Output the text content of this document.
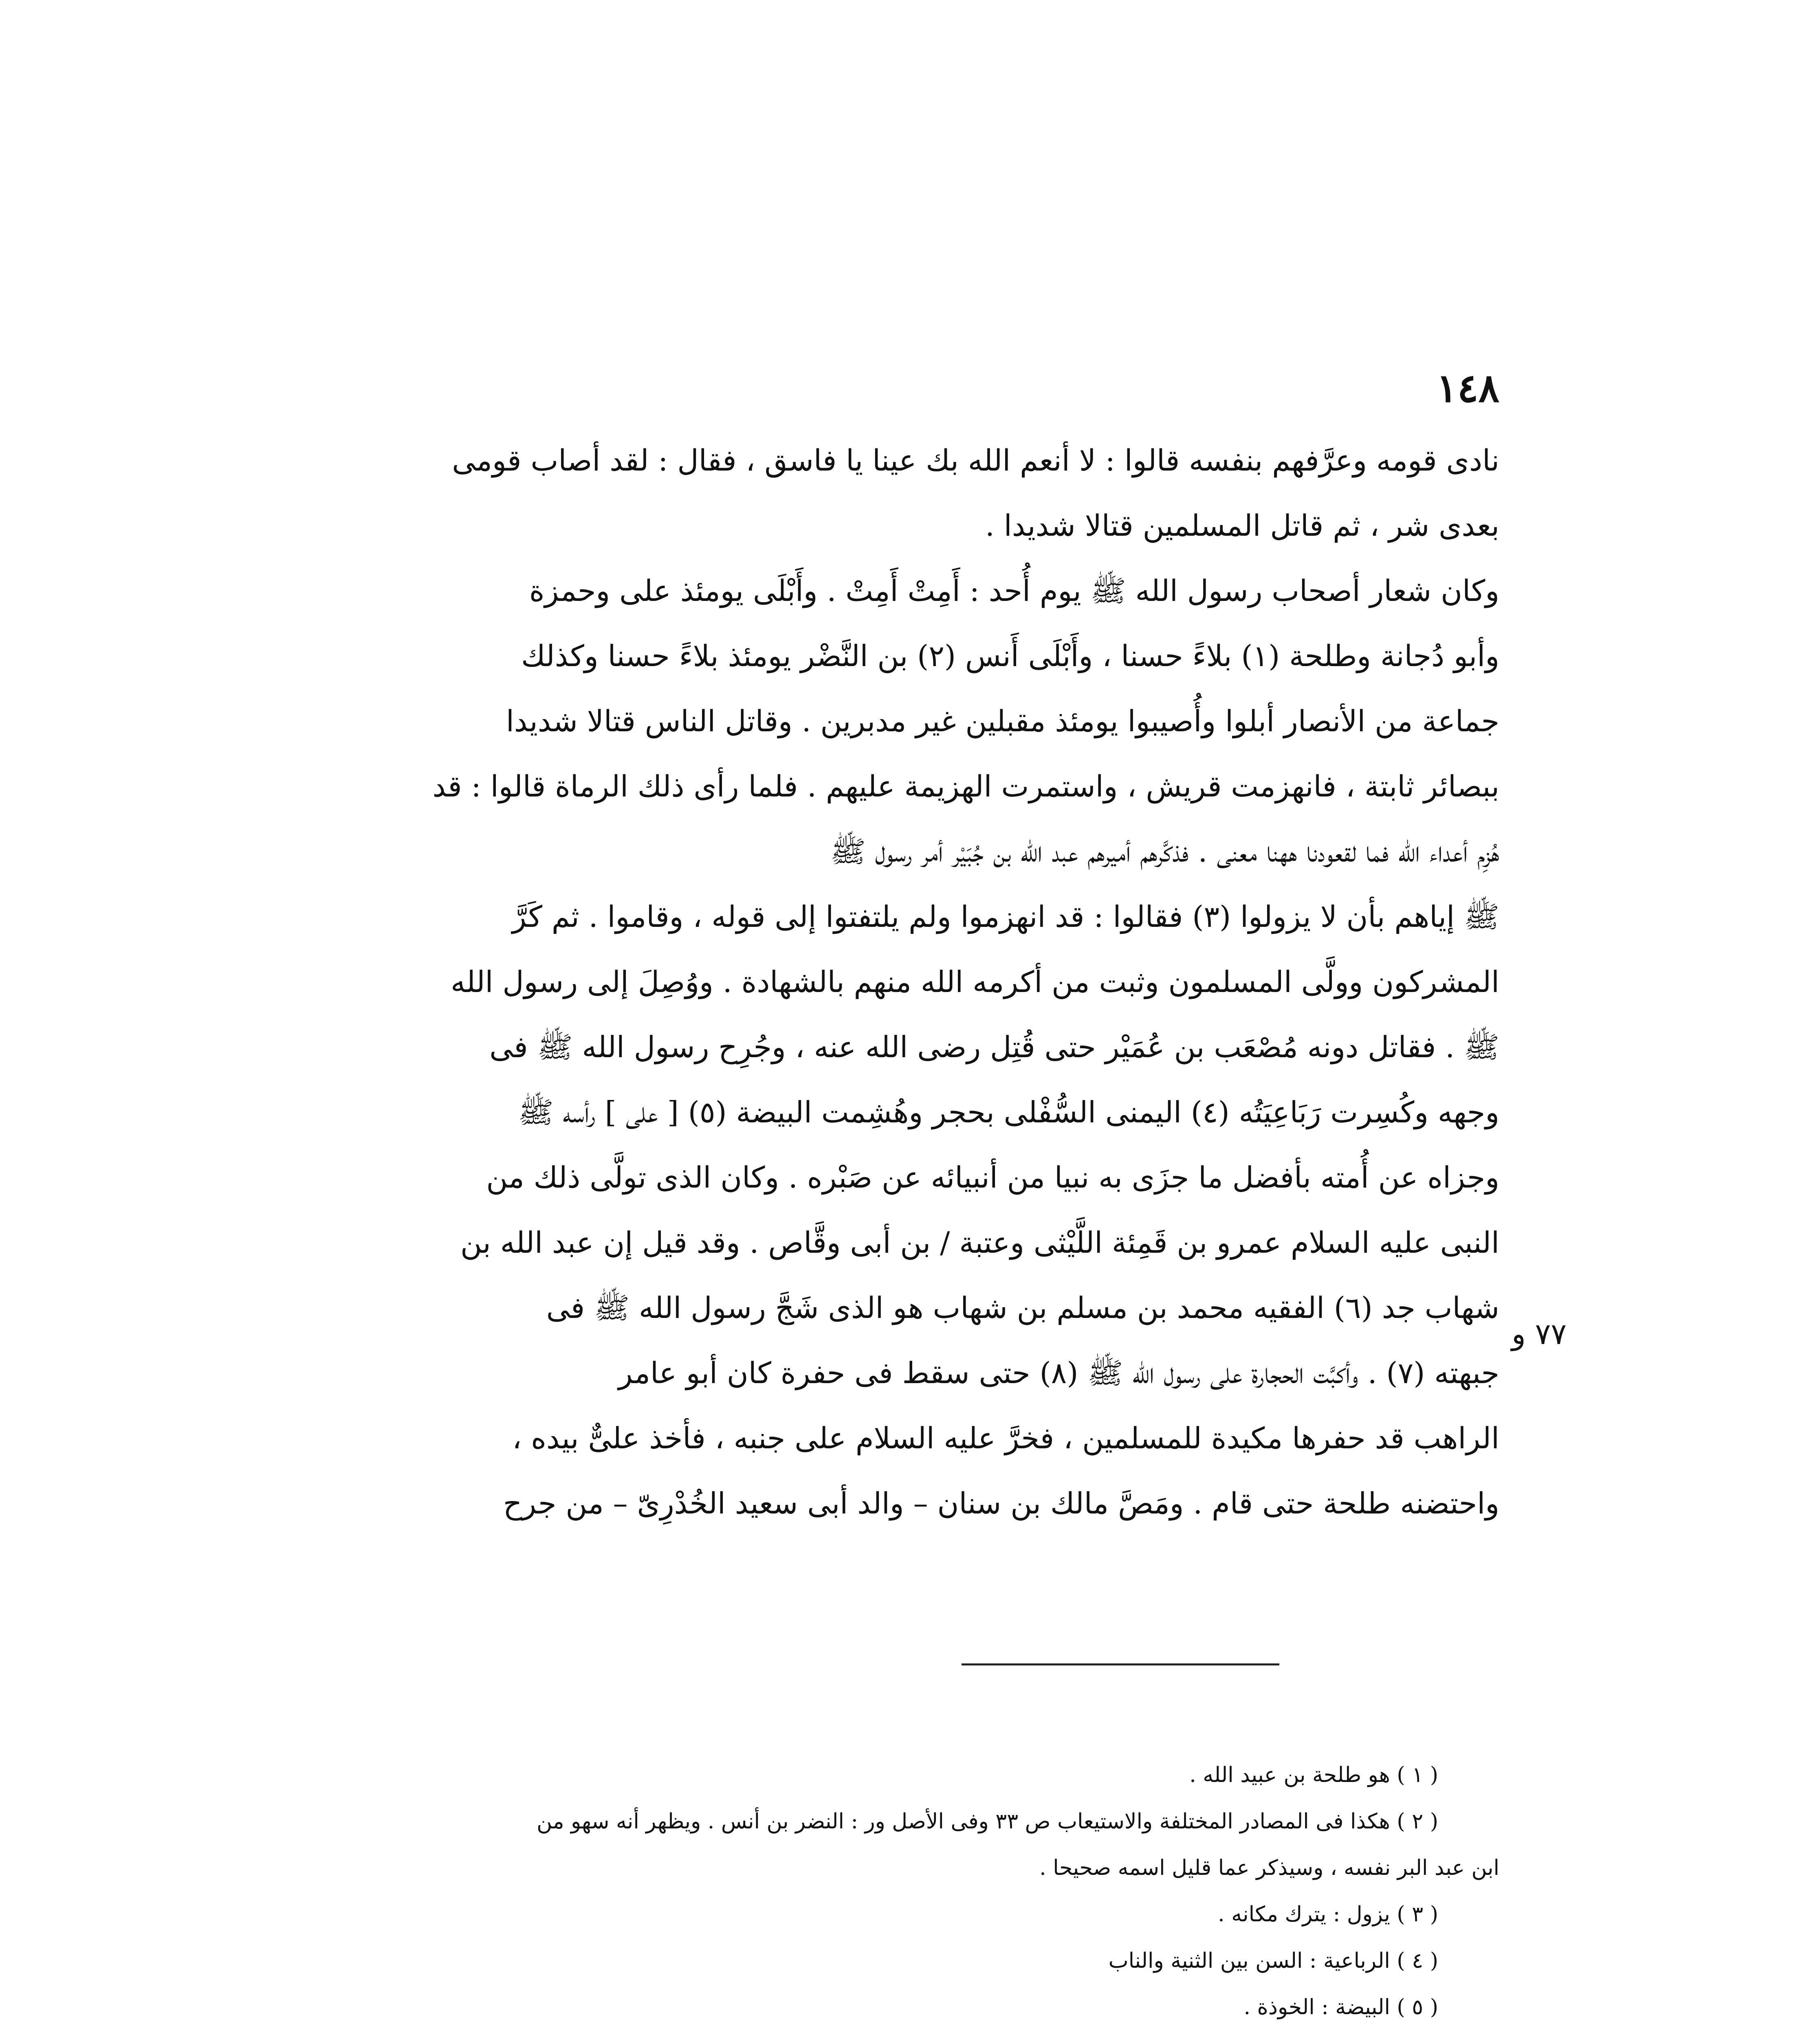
١٤٨
نادى قومه وعرَّفهم بنفسه قالوا : لا أنعم الله بك عينا يا فاسق ، فقال : لقد أصاب قومى
بعدى شر ، ثم قاتل المسلمين قتالا شديدا .
وكان شعار أصحاب رسول الله ﷺ يوم أُحد : أَمِتْ أَمِتْ . وأَبْلَى يومئذ على وحمزة
وأبو دُجانة وطلحة (١) بلاءً حسنا ، وأَبْلَى أَنس (٢) بن النَّضْر يومئذ بلاءً حسنا وكذلك
جماعة من الأنصار أبلوا وأُصيبوا يومئذ مقبلين غير مدبرين . وقاتل الناس قتالا شديدا
ببصائر ثابتة ، فانهزمت قريش ، واستمرت الهزيمة عليهم . فلما رأى ذلك الرماة قالوا : قد
هُزِم أعداء الله فما لقعودنا ههنا معنى . فذكَّرهم أميرهم عبد الله بن جُبَيْر أمر رسول ﷺ
ﷺ إياهم بأن لا يزولوا (٣) فقالوا : قد انهزموا ولم يلتفتوا إلى قوله ، وقاموا . ثم كَرَّ
المشركون وولَّى المسلمون وثبت من أكرمه الله منهم بالشهادة . ووُصِلَ إلى رسول الله
ﷺ . فقاتل دونه مُصْعَب بن عُمَيْر حتى قُتِل رضى الله عنه ، وجُرِح رسول الله ﷺ فى
وجهه وكُسِرت رَبَاعِيَتُه (٤) اليمنى السُّفْلى بحجر وهُشِمت البيضة (٥) [ على ] رأسه ﷺ
وجزاه عن أُمته بأفضل ما جزَى به نبيا من أنبيائه عن صَبْره . وكان الذى تولَّى ذلك من
النبى عليه السلام عمرو بن قَمِئة اللَّيْثى وعتبة / بن أبى وقَّاص . وقد قيل إن عبد الله بن
شهاب جد (٦) الفقيه محمد بن مسلم بن شهاب هو الذى شَجَّ رسول الله ﷺ فى
جبهته (٧) . وأكبَّت الحجارة على رسول الله ﷺ (٨) حتى سقط فى حفرة كان أبو عامر
الراهب قد حفرها مكيدة للمسلمين ، فخرَّ عليه السلام على جنبه ، فأخذ علىٌّ بيده ،
واحتضنه طلحة حتى قام . ومَصَّ مالك بن سنان – والد أبى سعيد الخُدْرِىّ – من جرح
٧٧ و
( ١ ) هو طلحة بن عبيد الله .
( ٢ ) هكذا فى المصادر المختلفة والاستيعاب ص ٣٣ وفى الأصل ور : النضر بن أنس . ويظهر أنه سهو من
ابن عبد البر نفسه ، وسيذكر عما قليل اسمه صحيحا .
( ٣ ) يزول : يترك مكانه .
( ٤ ) الرباعية : السن بين الثنية والناب
( ٥ ) البيضة : الخوذة .
